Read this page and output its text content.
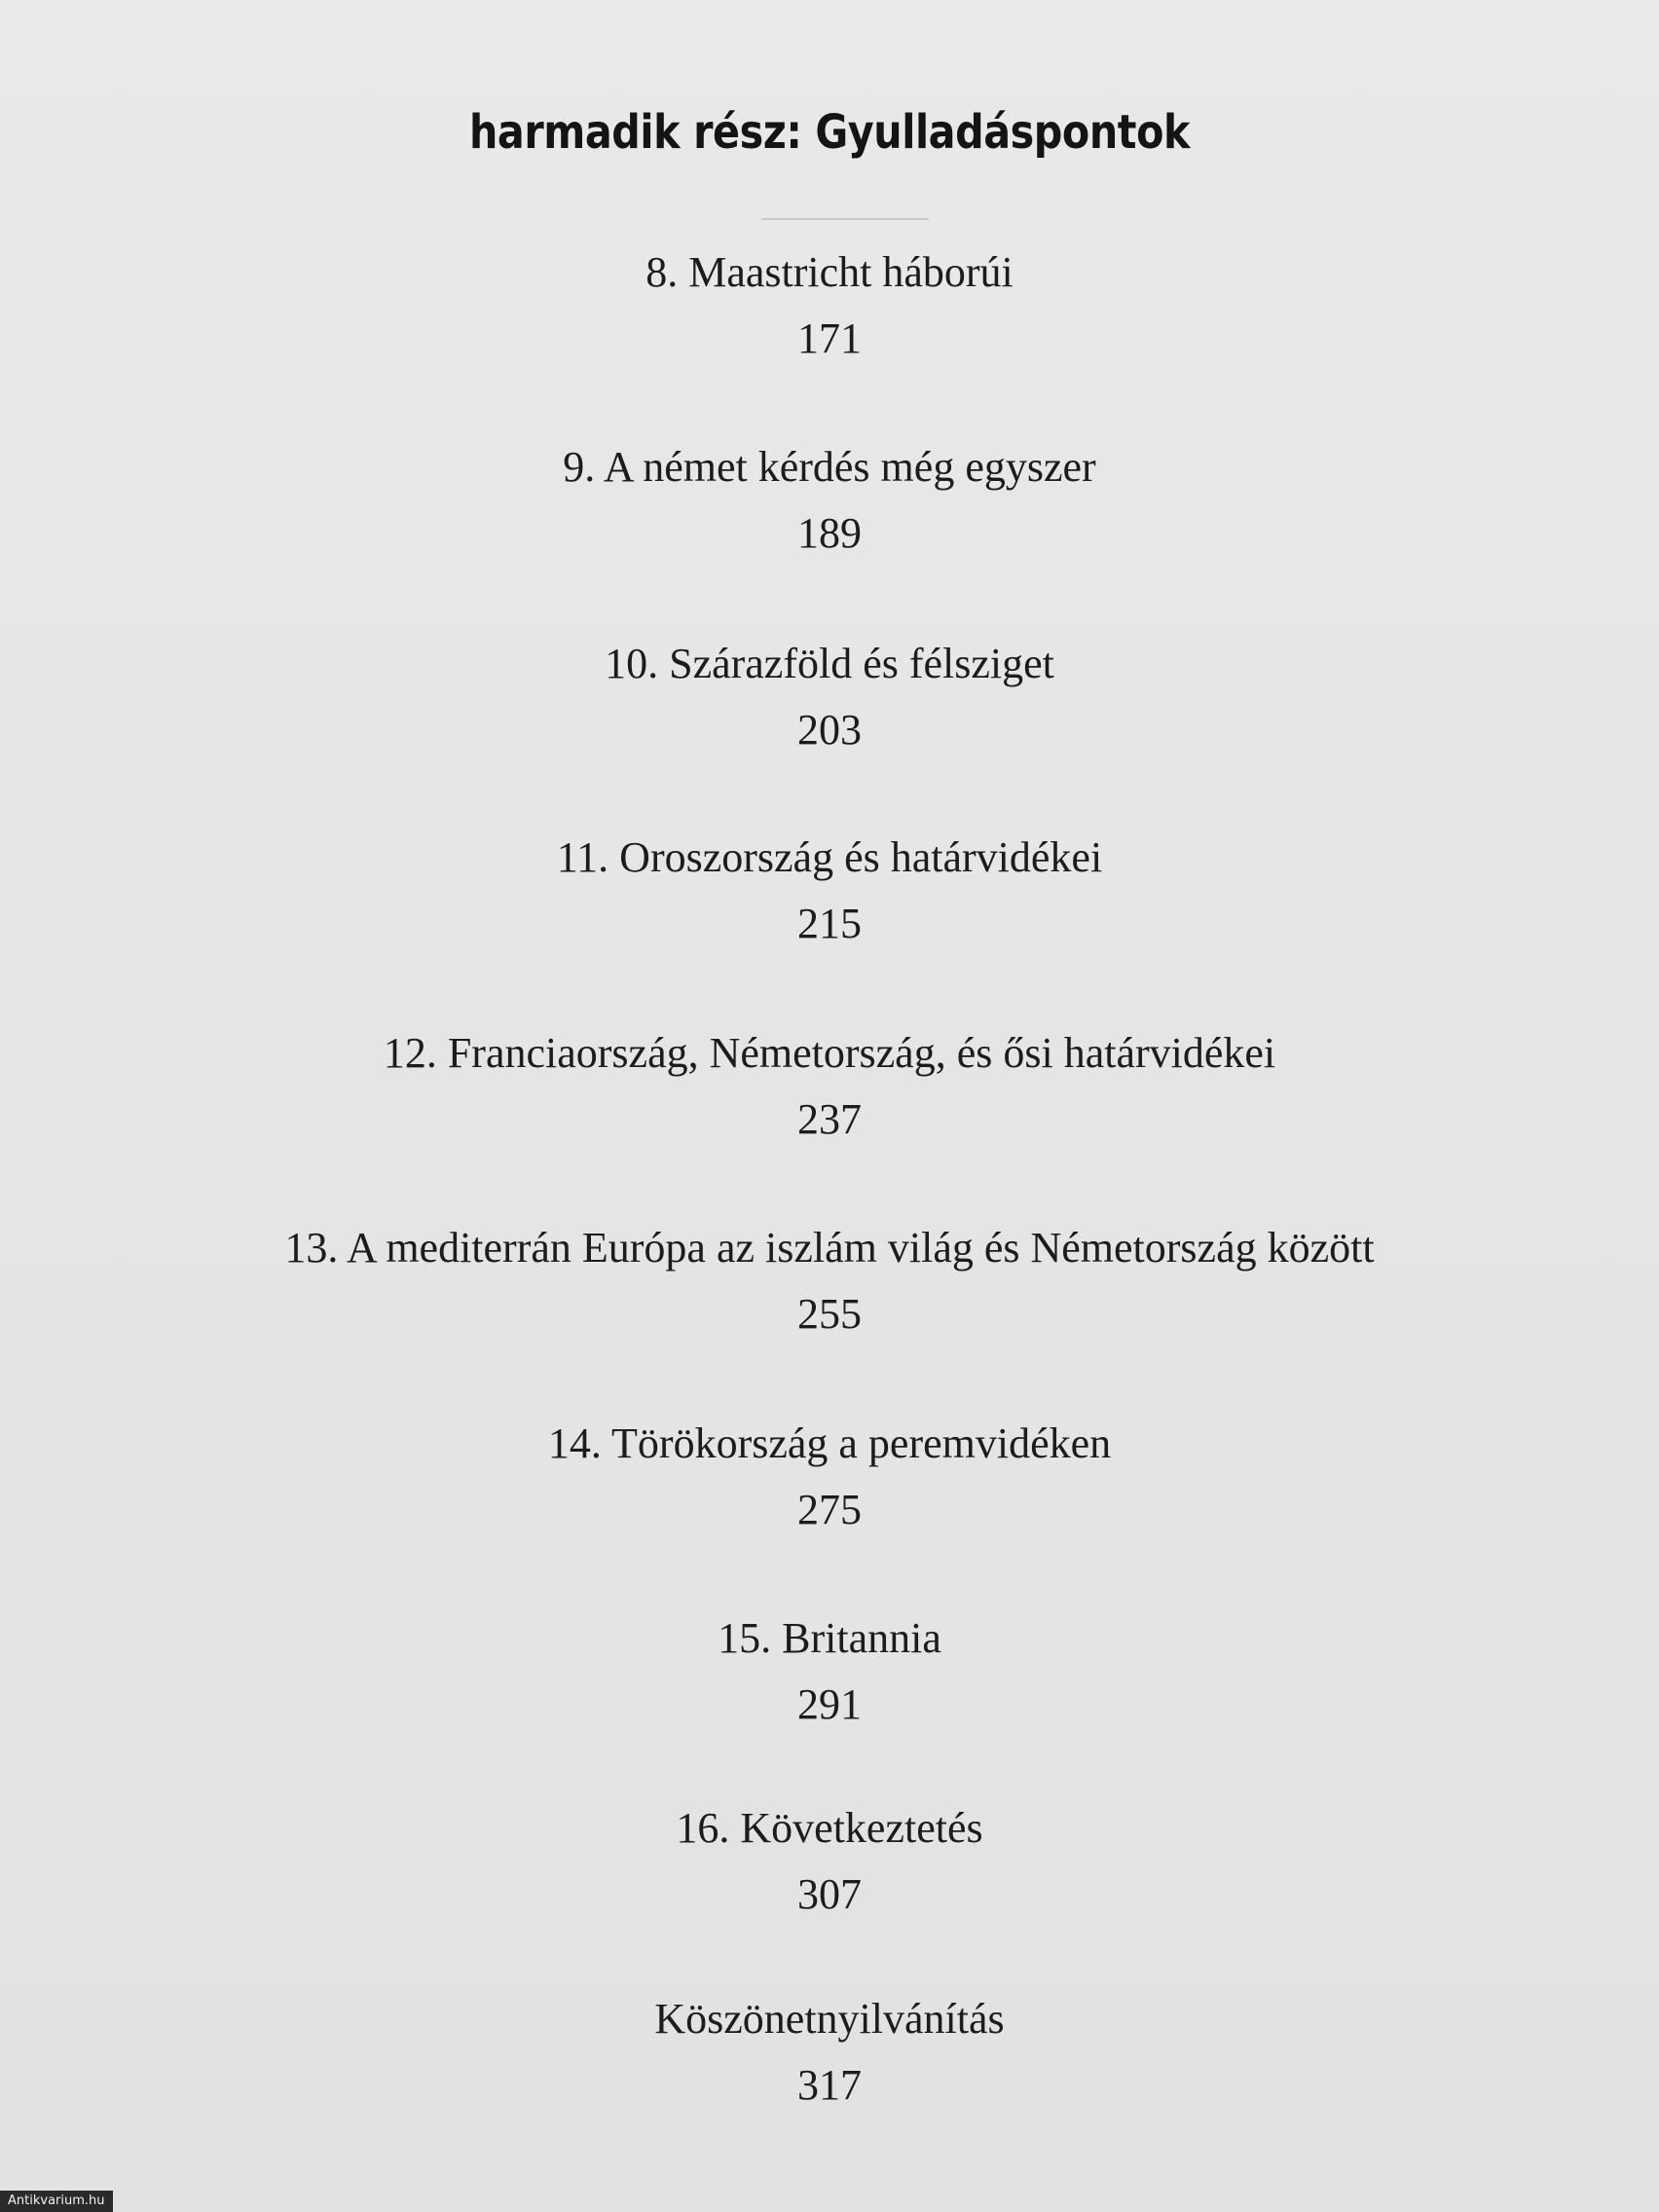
harmadik rész: Gyulladáspontok
8. Maastricht háborúi
171
9. A német kérdés még egyszer
189
10. Szárazföld és félsziget
203
11. Oroszország és határvidékei
215
12. Franciaország, Németország, és ősi határvidékei
237
13. A mediterrán Európa az iszlám világ és Németország között
255
14. Törökország a peremvidéken
275
15. Britannia
291
16. Következtetés
307
Köszönetnyilvánítás
317
Antikvarium.hu
